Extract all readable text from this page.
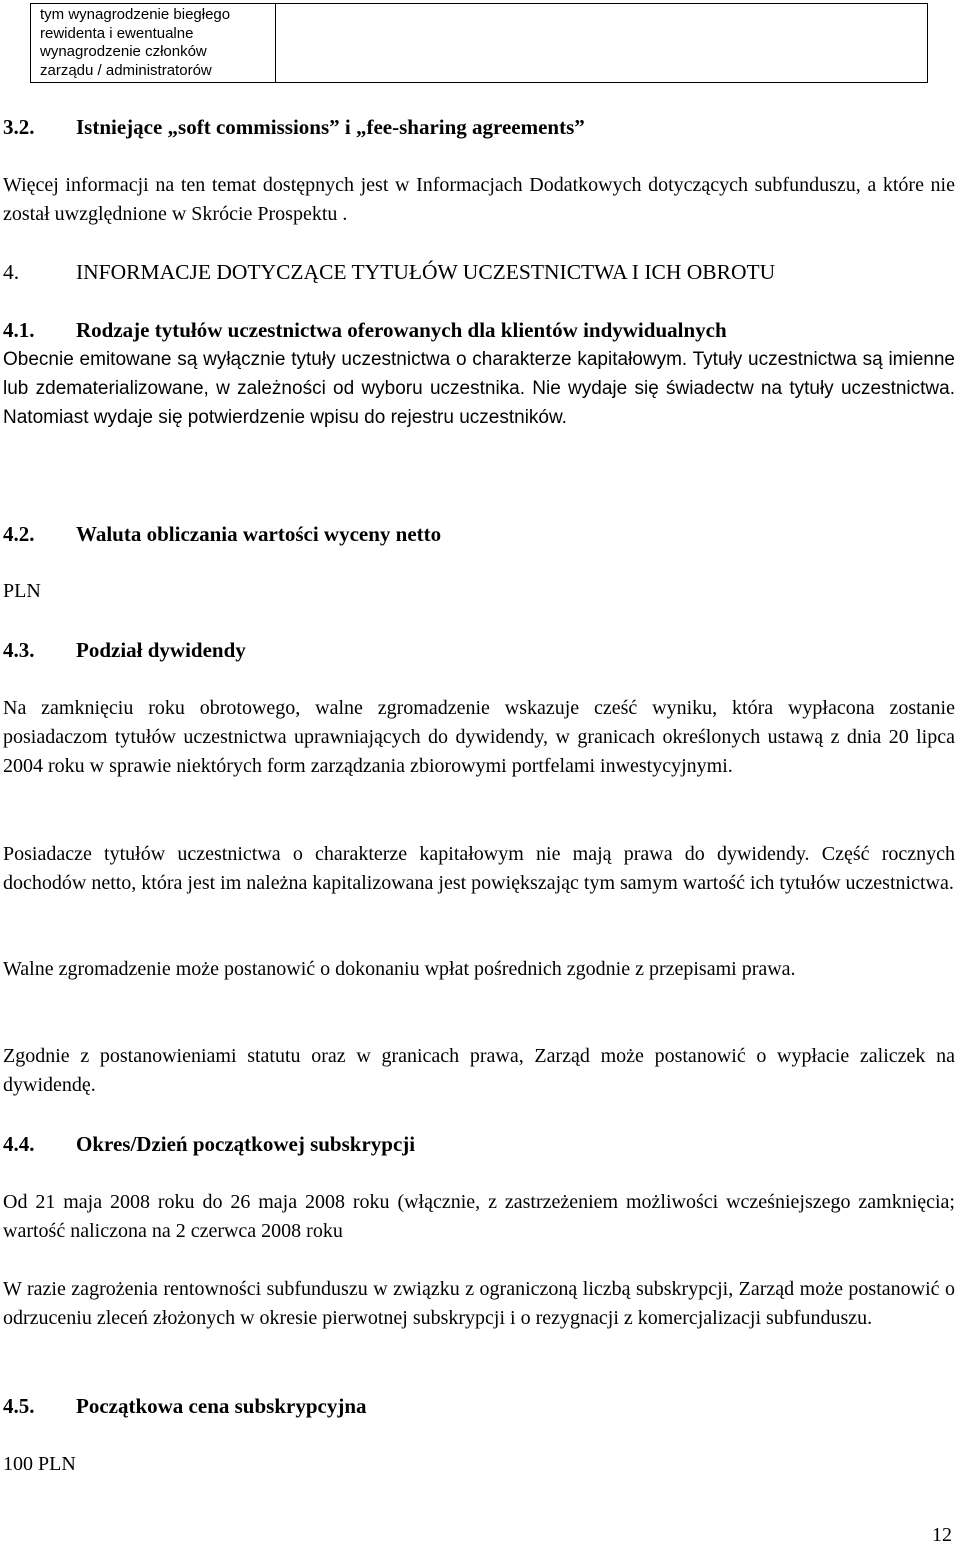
tym wynagrodzenie biegłego
rewidenta i ewentualne
wynagrodzenie członków
zarządu / administratorów
3.2. Istniejące „soft commissions” i „fee-sharing agreements”
Więcej informacji na ten temat dostępnych jest w Informacjach Dodatkowych dotyczących subfunduszu, a które nie został uwzględnione w Skrócie Prospektu .
4.	INFORMACJE DOTYCZĄCE TYTUŁÓW UCZESTNICTWA I ICH OBROTU
4.1. Rodzaje tytułów uczestnictwa oferowanych dla klientów indywidualnych
Obecnie emitowane są wyłącznie tytuły uczestnictwa o charakterze kapitałowym. Tytuły uczestnictwa są imienne lub zdematerializowane, w zależności od wyboru uczestnika. Nie wydaje się świadectw na tytuły uczestnictwa. Natomiast wydaje się potwierdzenie wpisu do rejestru uczestników.
4.2. Waluta obliczania wartości wyceny netto
PLN
4.3. Podział dywidendy
Na zamknięciu roku obrotowego, walne zgromadzenie wskazuje cześć wyniku, która wypłacona zostanie posiadaczom tytułów uczestnictwa uprawniających do dywidendy, w granicach określonych ustawą z dnia 20 lipca 2004 roku w sprawie niektórych form zarządzania zbiorowymi portfelami inwestycyjnymi.
Posiadacze tytułów uczestnictwa o charakterze kapitałowym nie mają prawa do dywidendy. Część rocznych dochodów netto, która jest im należna kapitalizowana jest powiększając tym samym wartość ich tytułów uczestnictwa.
Walne zgromadzenie może postanowić o dokonaniu wpłat pośrednich zgodnie z przepisami prawa.
Zgodnie z postanowieniami statutu oraz w granicach prawa, Zarząd może postanowić o wypłacie zaliczek na dywidendę.
4.4. Okres/Dzień początkowej subskrypcji
Od 21 maja 2008 roku do 26 maja 2008 roku (włącznie, z zastrzeżeniem możliwości wcześniejszego zamknięcia; wartość naliczona na 2 czerwca 2008 roku
W razie zagrożenia rentowności subfunduszu w związku z ograniczoną liczbą subskrypcji, Zarząd może postanowić o odrzuceniu zleceń złożonych w okresie pierwotnej subskrypcji i o rezygnacji z komercjalizacji subfunduszu.
4.5. Początkowa cena subskrypcyjna
100 PLN
12
